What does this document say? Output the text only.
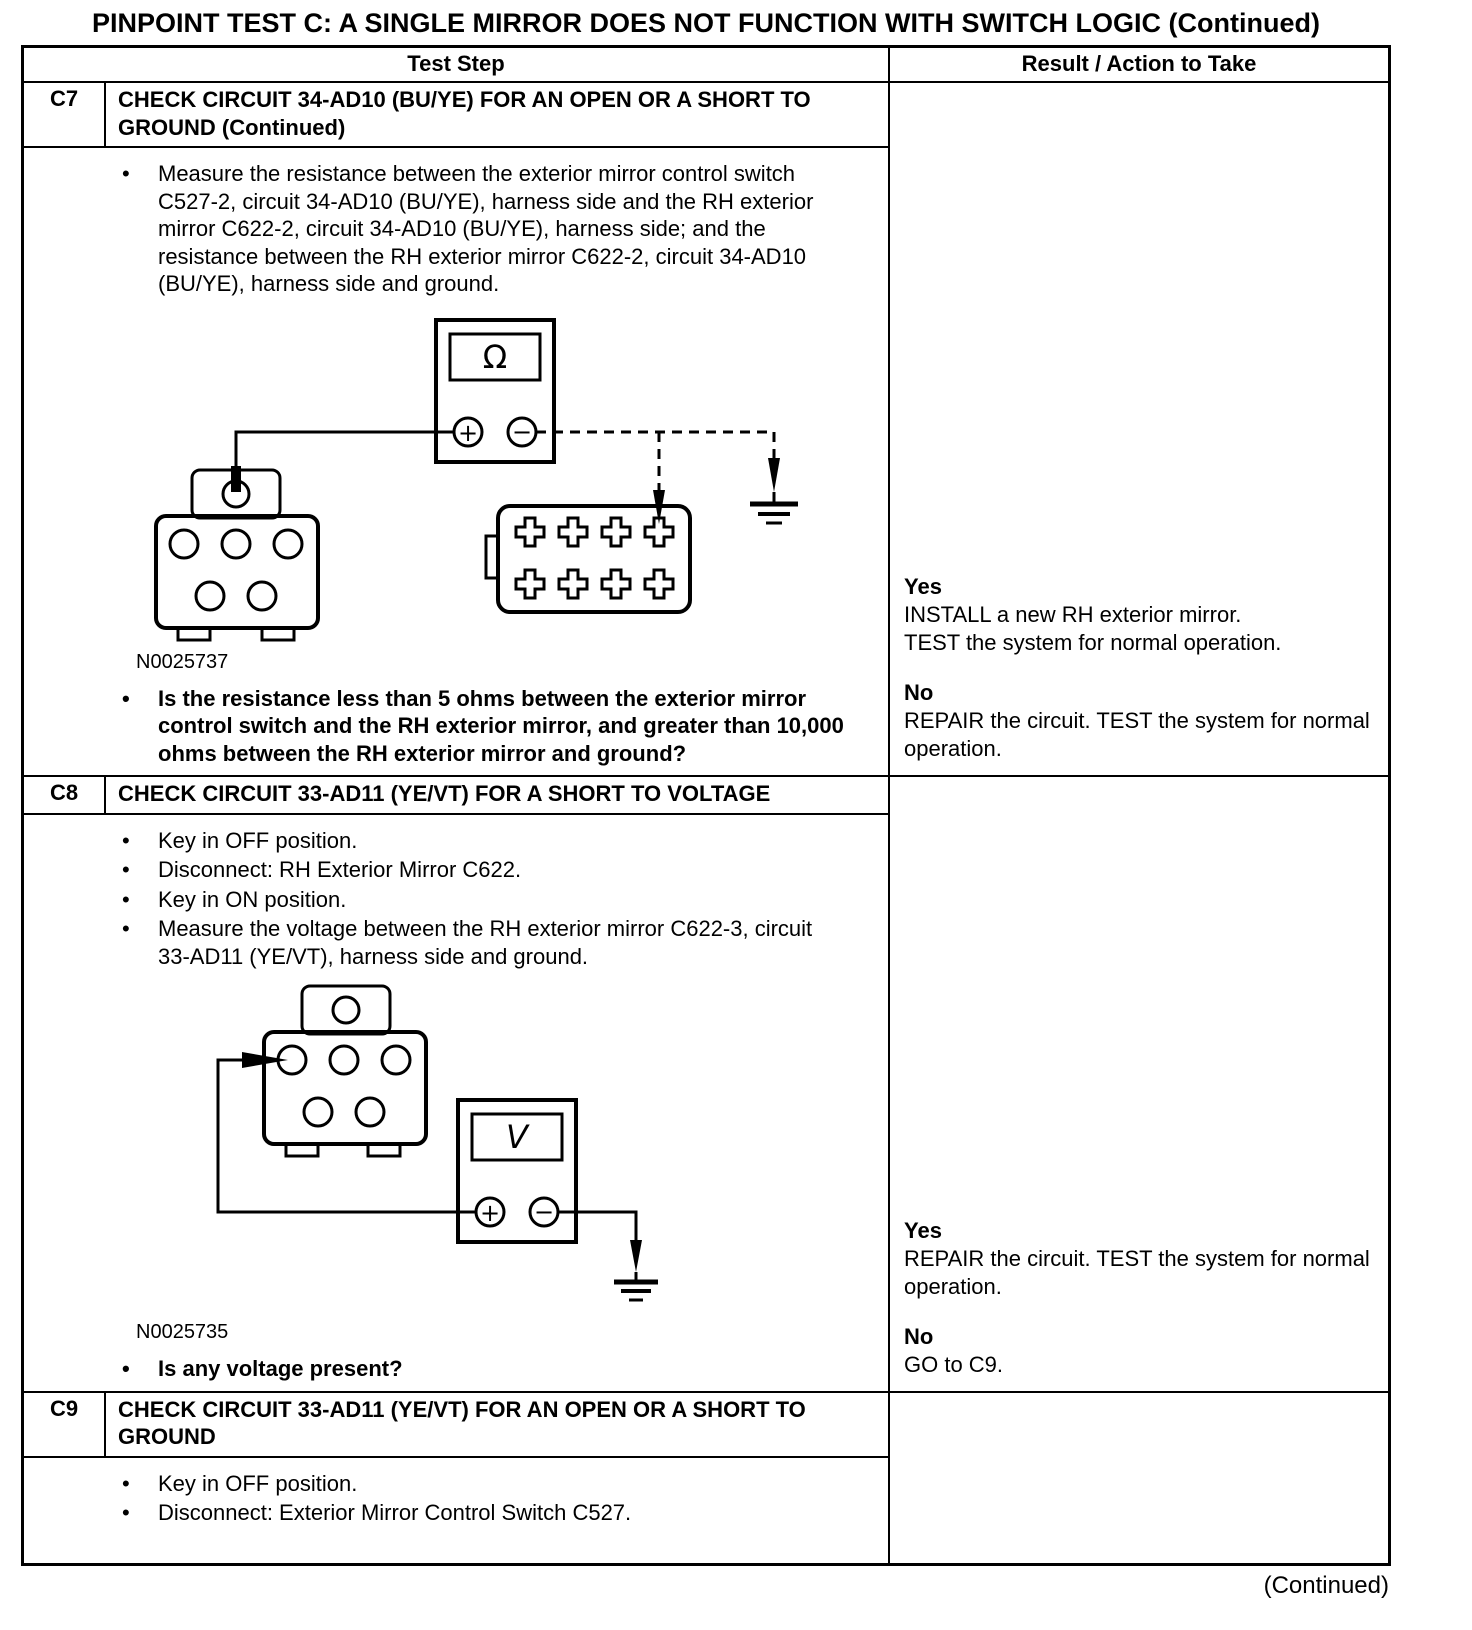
PINPOINT TEST C: A SINGLE MIRROR DOES NOT FUNCTION WITH SWITCH LOGIC (Continued)
Test Step	Result / Action to Take
C7	CHECK CIRCUIT 34-AD10 (BU/YE) FOR AN OPEN OR A SHORT TO GROUND (Continued)
•
Measure the resistance between the exterior mirror control switch C527-2, circuit 34-AD10 (BU/YE), harness side and the RH exterior mirror C622-2, circuit 34-AD10 (BU/YE), harness side; and the resistance between the RH exterior mirror C622-2, circuit 34-AD10 (BU/YE), harness side and ground.
Ω
+ −
N0025737
•
Is the resistance less than 5 ohms between the exterior mirror control switch and the RH exterior mirror, and greater than 10,000 ohms between the RH exterior mirror and ground?
Yes
INSTALL a new RH exterior mirror.
TEST the system for normal operation.
No
REPAIR the circuit. TEST the system for normal operation.
C8	CHECK CIRCUIT 33-AD11 (YE/VT) FOR A SHORT TO VOLTAGE
•
Key in OFF position.
•
Disconnect: RH Exterior Mirror C622.
•
Key in ON position.
•
Measure the voltage between the RH exterior mirror C622-3, circuit 33-AD11 (YE/VT), harness side and ground.
V
+ −
N0025735
•
Is any voltage present?
Yes
REPAIR the circuit. TEST the system for normal operation.
No
GO to C9.
C9	CHECK CIRCUIT 33-AD11 (YE/VT) FOR AN OPEN OR A SHORT TO GROUND
•
Key in OFF position.
•
Disconnect: Exterior Mirror Control Switch C527.
(Continued)
